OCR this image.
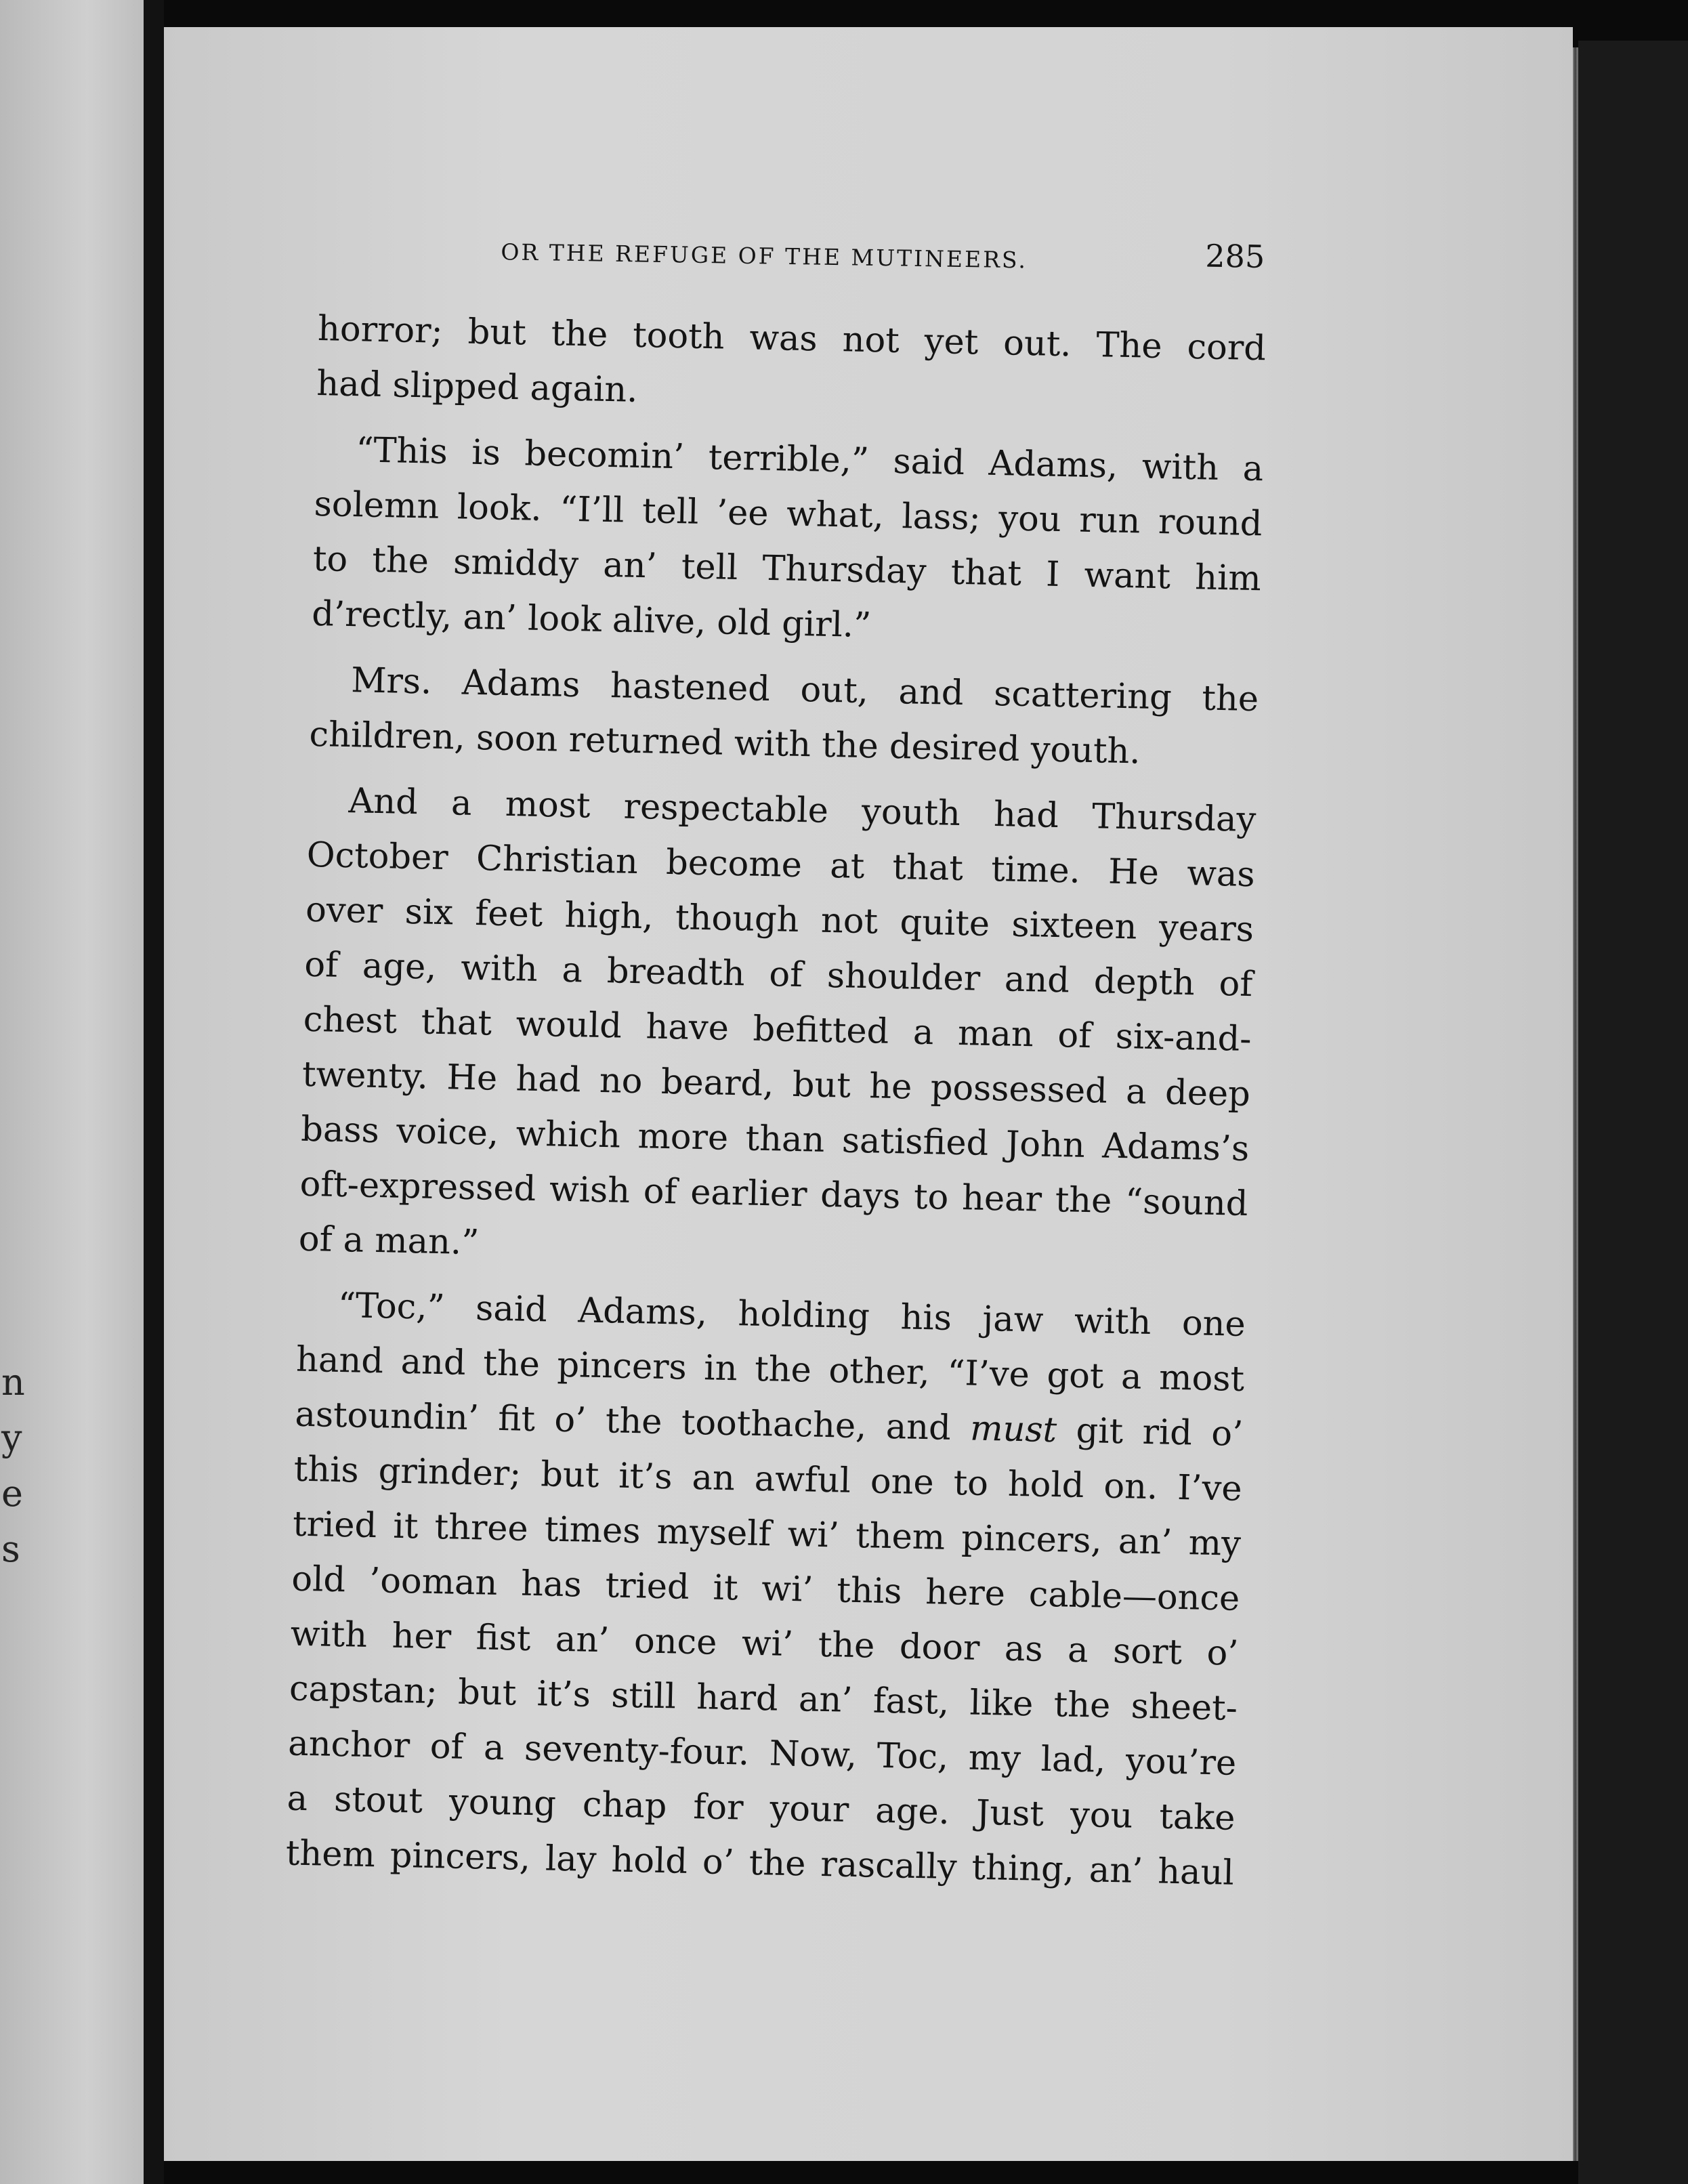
n
y
e
s
OR THE REFUGE OF THE MUTINEERS.	285
horror; but the tooth was not yet out. The cord
had slipped again.
“This is becomin’ terrible,” said Adams, with a
solemn look. “I’ll tell ’ee what, lass; you run round
to the smiddy an’ tell Thursday that I want him
d’rectly, an’ look alive, old girl.”
Mrs. Adams hastened out, and scattering the
children, soon returned with the desired youth.
And a most respectable youth had Thursday
October Christian become at that time. He was
over six feet high, though not quite sixteen years
of age, with a breadth of shoulder and depth of
chest that would have befitted a man of six-and-
twenty. He had no beard, but he possessed a deep
bass voice, which more than satisfied John Adams’s
oft-expressed wish of earlier days to hear the “sound
of a man.”
“Toc,” said Adams, holding his jaw with one
hand and the pincers in the other, “I’ve got a most
astoundin’ fit o’ the toothache, and must git rid o’
this grinder; but it’s an awful one to hold on. I’ve
tried it three times myself wi’ them pincers, an’ my
old ’ooman has tried it wi’ this here cable—once
with her fist an’ once wi’ the door as a sort o’
capstan; but it’s still hard an’ fast, like the sheet-
anchor of a seventy-four. Now, Toc, my lad, you’re
a stout young chap for your age. Just you take
them pincers, lay hold o’ the rascally thing, an’ haul
